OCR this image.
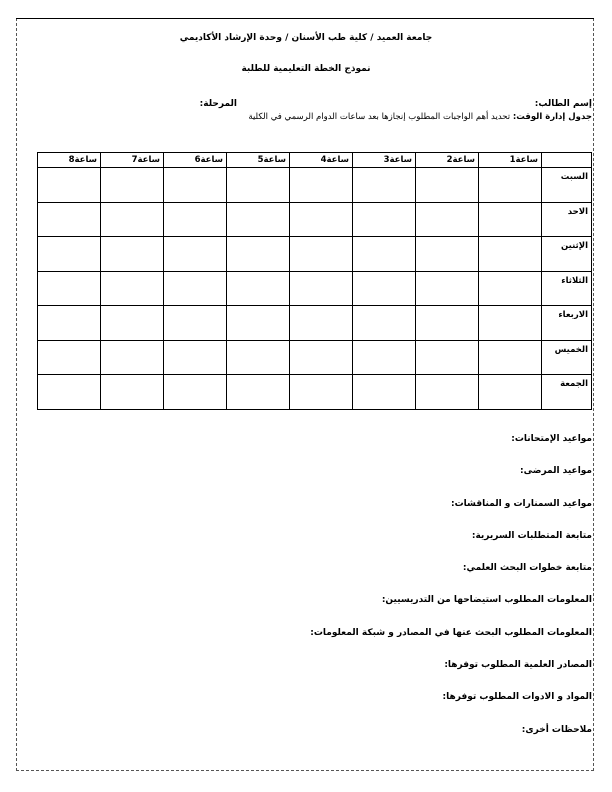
جامعة العميد / كلية طب الأسنان / وحدة الإرشاد الأكاديمي
نموذج الخطة التعليمية للطلبة
إسم الطالب:
المرحلة:
جدول إدارة الوقت: تحديد أهم الواجبات المطلوب إنجازها بعد ساعات الدوام الرسمي في الكلية
	ساعة1	ساعة2	ساعة3	ساعة4	ساعة5	ساعة6	ساعة7	ساعة8
السبت								
الاحد								
الإثنين								
الثلاثاء								
الاربعاء								
الخميس								
الجمعة								
مواعيد الإمتحانات:
مواعيد المرضى:
مواعيد السمنارات و المناقشات:
متابعة المتطلبات السريرية:
متابعة خطوات البحث العلمي:
المعلومات المطلوب استيضاحها من التدريسيين:
المعلومات المطلوب البحث عنها في المصادر و شبكة المعلومات:
المصادر العلمية المطلوب توفرها:
المواد و الادوات المطلوب توفرها:
ملاحظات أخرى:
